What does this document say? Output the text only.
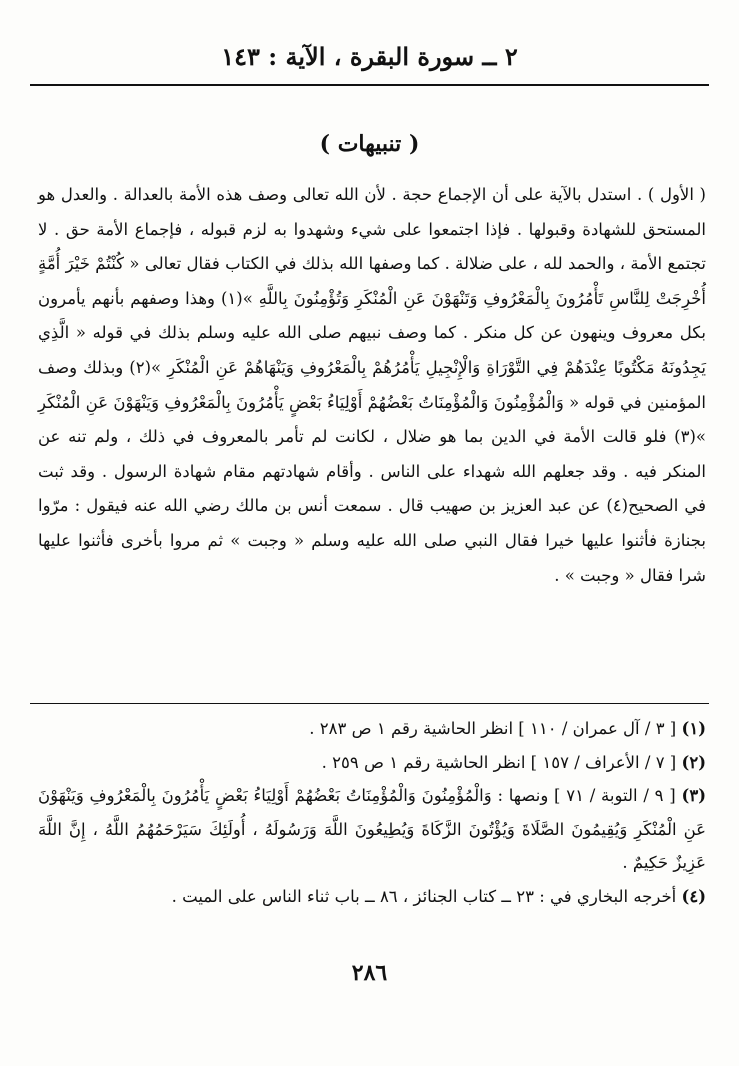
٢ ــ سورة البقرة ، الآية : ١٤٣
( تنبيهات )
( الأول ) . استدل بالآية على أن الإجماع حجة . لأن الله تعالى وصف هذه الأمة بالعدالة . والعدل هو المستحق للشهادة وقبولها . فإذا اجتمعوا على شيء وشهدوا به لزم قبوله ، فإجماع الأمة حق . لا تجتمع الأمة ، والحمد لله ، على ضلالة . كما وصفها الله بذلك في الكتاب فقال تعالى « كُنْتُمْ خَيْرَ أُمَّةٍ أُخْرِجَتْ لِلنَّاسِ تَأْمُرُونَ بِالْمَعْرُوفِ وَتَنْهَوْنَ عَنِ الْمُنْكَرِ وَتُؤْمِنُونَ بِاللَّهِ »(١) وهذا وصفهم بأنهم يأمرون بكل معروف وينهون عن كل منكر . كما وصف نبيهم صلى الله عليه وسلم بذلك في قوله « الَّذِي يَجِدُونَهُ مَكْتُوبًا عِنْدَهُمْ فِي التَّوْرَاةِ وَالْإِنْجِيلِ يَأْمُرُهُمْ بِالْمَعْرُوفِ وَيَنْهَاهُمْ عَنِ الْمُنْكَرِ »(٢) وبذلك وصف المؤمنين في قوله « وَالْمُؤْمِنُونَ وَالْمُؤْمِنَاتُ بَعْضُهُمْ أَوْلِيَاءُ بَعْضٍ يَأْمُرُونَ بِالْمَعْرُوفِ وَيَنْهَوْنَ عَنِ الْمُنْكَرِ »(٣) فلو قالت الأمة في الدين بما هو ضلال ، لكانت لم تأمر بالمعروف في ذلك ، ولم تنه عن المنكر فيه . وقد جعلهم الله شهداء على الناس . وأقام شهادتهم مقام شهادة الرسول . وقد ثبت في الصحيح(٤) عن عبد العزيز بن صهيب قال . سمعت أنس بن مالك رضي الله عنه فيقول : مرّوا بجنازة فأثنوا عليها خيرا فقال النبي صلى الله عليه وسلم « وجبت » ثم مروا بأخرى فأثنوا عليها شرا فقال « وجبت » .

( ١ ) [ ٣ / آل عمران / ١١٠ ] انظر الحاشية رقم ١ ص ٢٨٣ .

( ٢ ) [ ٧ / الأعراف / ١٥٧ ] انظر الحاشية رقم ١ ص ٢٥٩ .

( ٣ ) [ ٩ / التوبة / ٧١ ] ونصها : وَالْمُؤْمِنُونَ وَالْمُؤْمِنَاتُ بَعْضُهُمْ أَوْلِيَاءُ بَعْضٍ يَأْمُرُونَ بِالْمَعْرُوفِ وَيَنْهَوْنَ عَنِ الْمُنْكَرِ وَيُقِيمُونَ الصَّلَاةَ وَيُؤْتُونَ الزَّكَاةَ وَيُطِيعُونَ اللَّهَ وَرَسُولَهُ ، أُولَئِكَ سَيَرْحَمُهُمُ اللَّهُ ، إِنَّ اللَّهَ عَزِيزٌ حَكِيمٌ .

( ٤ ) أخرجه البخاري في : ٢٣ ــ كتاب الجنائز ، ٨٦ ــ باب ثناء الناس على الميت .

٢٨٦
